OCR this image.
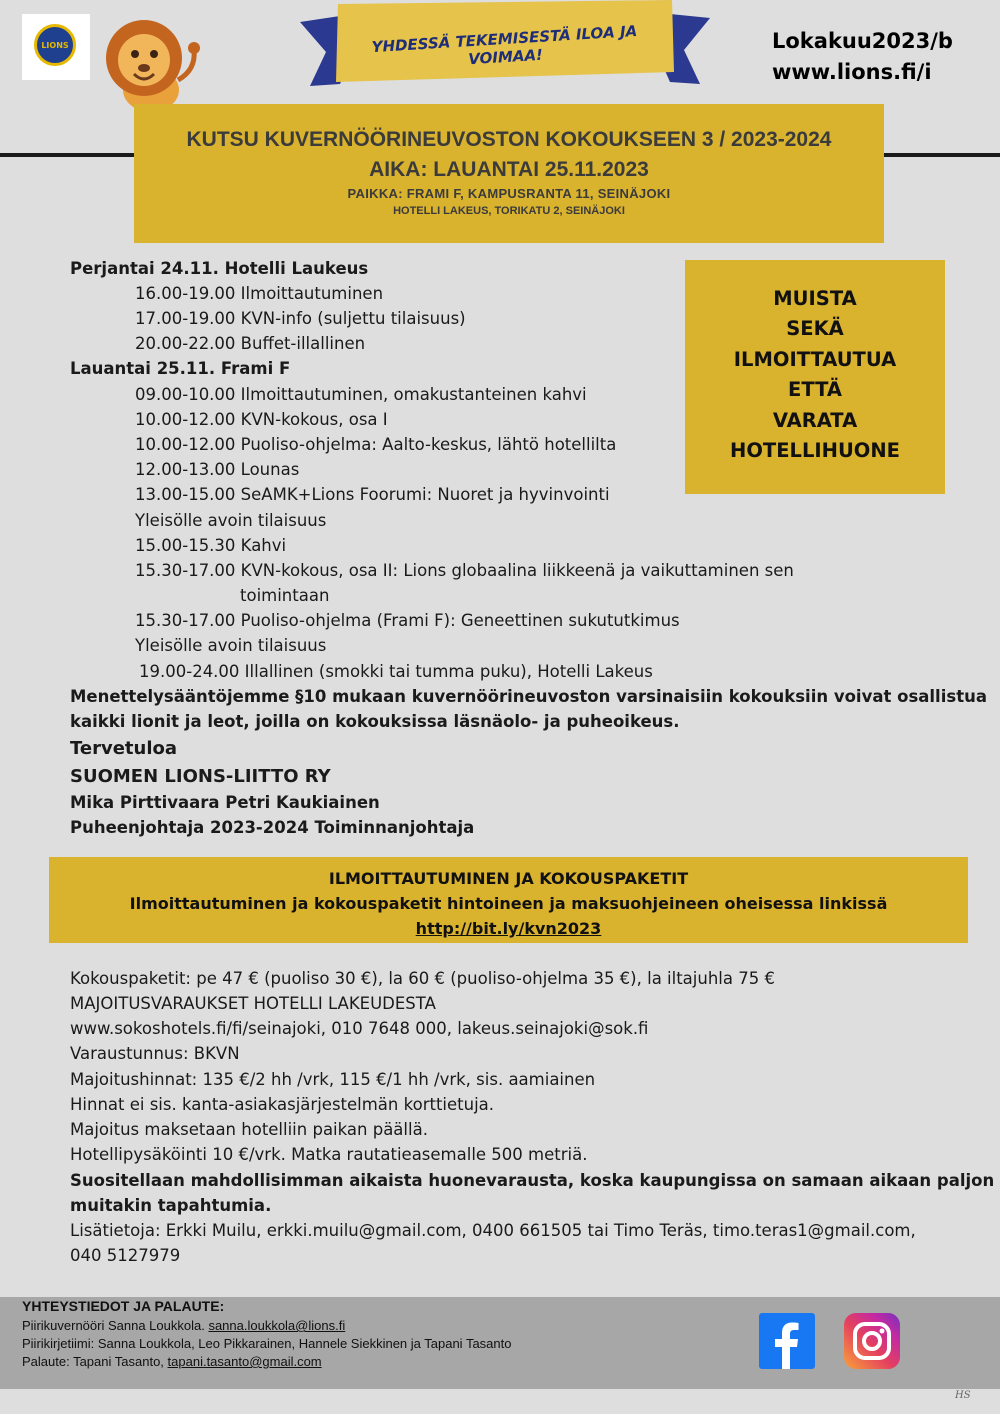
LIONS	YHDESSÄ TEKEMISESTÄ ILOA JA VOIMAA!
Lokakuu2023/b
www.lions.fi/i
KUTSU KUVERNÖÖRINEUVOSTON KOKOUKSEEN 3 / 2023-2024
AIKA: LAUANTAI 25.11.2023
PAIKKA: FRAMI F, KAMPUSRANTA 11, SEINÄJOKI
HOTELLI LAKEUS, TORIKATU 2, SEINÄJOKI
Perjantai 24.11. Hotelli Laukeus
16.00-19.00 Ilmoittautuminen
17.00-19.00 KVN-info (suljettu tilaisuus)
20.00-22.00 Buffet-illallinen
Lauantai 25.11. Frami F
09.00-10.00 Ilmoittautuminen, omakustanteinen kahvi
10.00-12.00 KVN-kokous, osa I
10.00-12.00 Puoliso-ohjelma: Aalto-keskus, lähtö hotellilta
12.00-13.00 Lounas
13.00-15.00 SeAMK+Lions Foorumi: Nuoret ja hyvinvointi
Yleisölle avoin tilaisuus
15.00-15.30 Kahvi
15.30-17.00 KVN-kokous, osa II: Lions globaalina liikkeenä ja vaikuttaminen sen
toimintaan
15.30-17.00 Puoliso-ohjelma (Frami F): Geneettinen sukututkimus
Yleisölle avoin tilaisuus
19.00-24.00 Illallinen (smokki tai tumma puku), Hotelli Lakeus
Menettelysääntöjemme §10 mukaan kuvernöörineuvoston varsinaisiin kokouksiin voivat osallistua
kaikki lionit ja leot, joilla on kokouksissa läsnäolo- ja puheoikeus.
Tervetuloa
SUOMEN LIONS-LIITTO RY
Mika Pirttivaara Petri Kaukiainen
Puheenjohtaja 2023-2024 Toiminnanjohtaja
MUISTA
SEKÄ
ILMOITTAUTUA
ETTÄ
VARATA
HOTELLIHUONE
ILMOITTAUTUMINEN JA KOKOUSPAKETIT
Ilmoittautuminen ja kokouspaketit hintoineen ja maksuohjeineen oheisessa linkissä
http://bit.ly/kvn2023
Kokouspaketit: pe 47 € (puoliso 30 €), la 60 € (puoliso-ohjelma 35 €), la iltajuhla 75 €
MAJOITUSVARAUKSET HOTELLI LAKEUDESTA
www.sokoshotels.fi/fi/seinajoki, 010 7648 000, lakeus.seinajoki@sok.fi
Varaustunnus: BKVN
Majoitushinnat: 135 €/2 hh /vrk, 115 €/1 hh /vrk, sis. aamiainen
Hinnat ei sis. kanta-asiakasjärjestelmän korttietuja.
Majoitus maksetaan hotelliin paikan päällä.
Hotellipysäköinti 10 €/vrk. Matka rautatieasemalle 500 metriä.
Suositellaan mahdollisimman aikaista huonevarausta, koska kaupungissa on samaan aikaan paljon
muitakin tapahtumia.
Lisätietoja: Erkki Muilu, erkki.muilu@gmail.com, 0400 661505 tai Timo Teräs, timo.teras1@gmail.com,
040 5127979
YHTEYSTIEDOT JA PALAUTE:
Piirikuvernööri Sanna Loukkola. sanna.loukkola@lions.fi
Piirikirjetiimi: Sanna Loukkola, Leo Pikkarainen, Hannele Siekkinen ja Tapani Tasanto
Palaute: Tapani Tasanto, tapani.tasanto@gmail.com
HS
